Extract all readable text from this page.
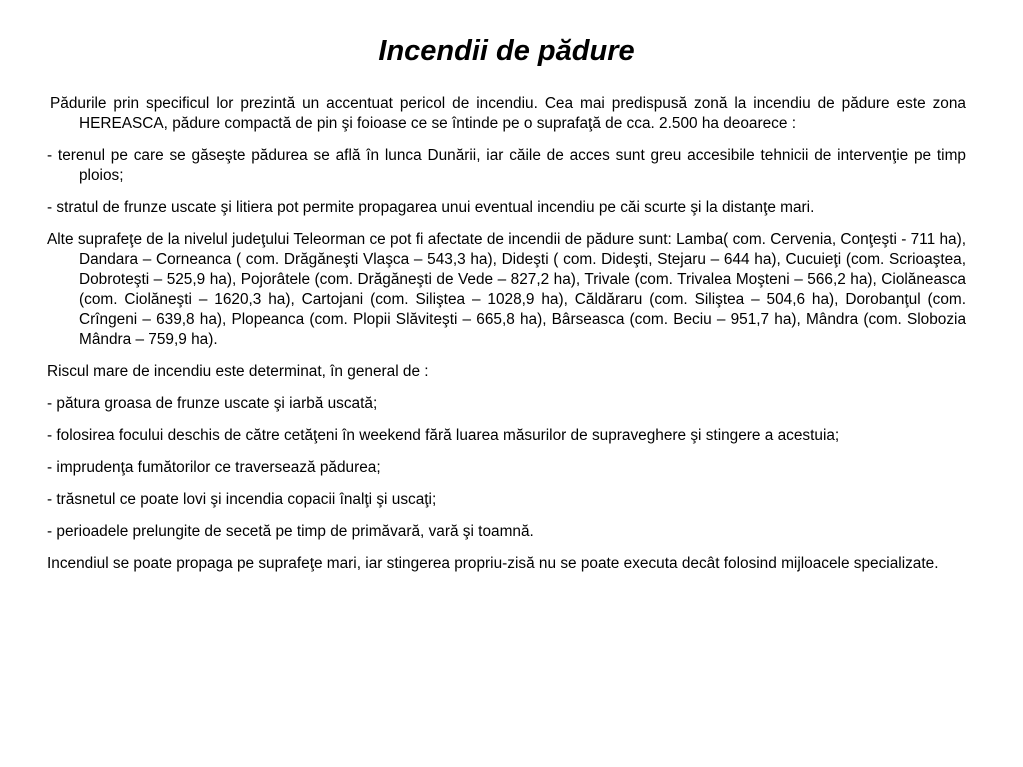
Incendii de pădure

Pădurile prin specificul lor prezintă un accentuat pericol de incendiu. Cea mai predispusă zonă la incendiu de pădure este zona HEREASCA, pădure compactă de pin şi foioase ce se întinde pe o suprafaţă de cca. 2.500 ha deoarece :

- terenul pe care se găseşte pădurea se află în lunca Dunării, iar căile de acces sunt greu accesibile tehnicii de intervenţie pe timp ploios;

- stratul de frunze uscate şi litiera pot permite propagarea unui eventual incendiu pe căi scurte şi la distanţe mari.

Alte suprafeţe de la nivelul judeţului Teleorman ce pot fi afectate de incendii de pădure sunt: Lamba( com. Cervenia, Conţeşti - 711 ha), Dandara – Corneanca ( com. Drăgăneşti Vlaşca – 543,3 ha), Dideşti ( com. Dideşti, Stejaru – 644 ha), Cucuieţi (com. Scrioaştea, Dobroteşti – 525,9 ha), Pojorâtele (com. Drăgăneşti de Vede – 827,2 ha), Trivale (com. Trivalea Moşteni – 566,2 ha), Ciolăneasca (com. Ciolăneşti – 1620,3 ha), Cartojani (com. Siliştea – 1028,9 ha), Căldăraru (com. Siliştea – 504,6 ha), Dorobanţul (com. Crîngeni – 639,8 ha), Plopeanca (com. Plopii Slăviteşti – 665,8 ha), Bârseasca (com. Beciu – 951,7 ha), Mândra (com. Slobozia Mândra – 759,9 ha).

Riscul mare de incendiu este determinat, în general de :

- pătura groasa de frunze uscate şi iarbă uscată;

- folosirea focului deschis de către cetăţeni în weekend fără luarea măsurilor de supraveghere şi stingere a acestuia;

- imprudenţa fumătorilor ce traversează pădurea;

- trăsnetul ce poate lovi şi incendia copacii înalţi şi uscaţi;

- perioadele prelungite de secetă pe timp de primăvară, vară şi toamnă.

Incendiul se poate propaga pe suprafeţe mari, iar stingerea propriu-zisă nu se poate executa decât folosind mijloacele specializate.
